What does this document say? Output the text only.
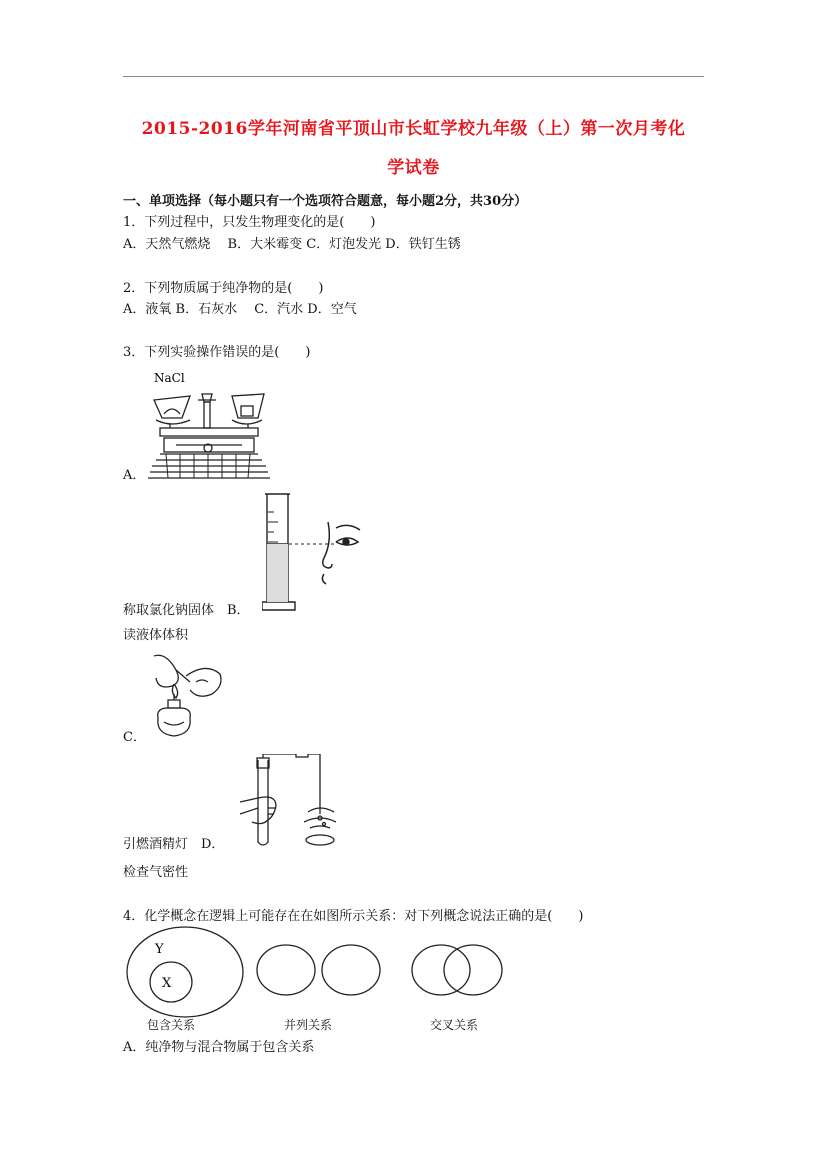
2015-2016学年河南省平顶山市长虹学校九年级（上）第一次月考化
学试卷
一、单项选择（每小题只有一个选项符合题意，每小题2分，共30分）
1．下列过程中，只发生物理变化的是(　　)
A．天然气燃烧　 B．大米霉变 C．灯泡发光 D．铁钉生锈
2．下列物质属于纯净物的是(　　)
A．液氧 B．石灰水　 C．汽水 D．空气
3．下列实验操作错误的是(　　)
NaCl
A．
称取氯化钠固体　B．
读液体体积
C．
引燃酒精灯　D．
检查气密性
4．化学概念在逻辑上可能存在在如图所示关系：对下列概念说法正确的是(　　)
Y
X
包含关系	并列关系	交叉关系
A．纯净物与混合物属于包含关系
